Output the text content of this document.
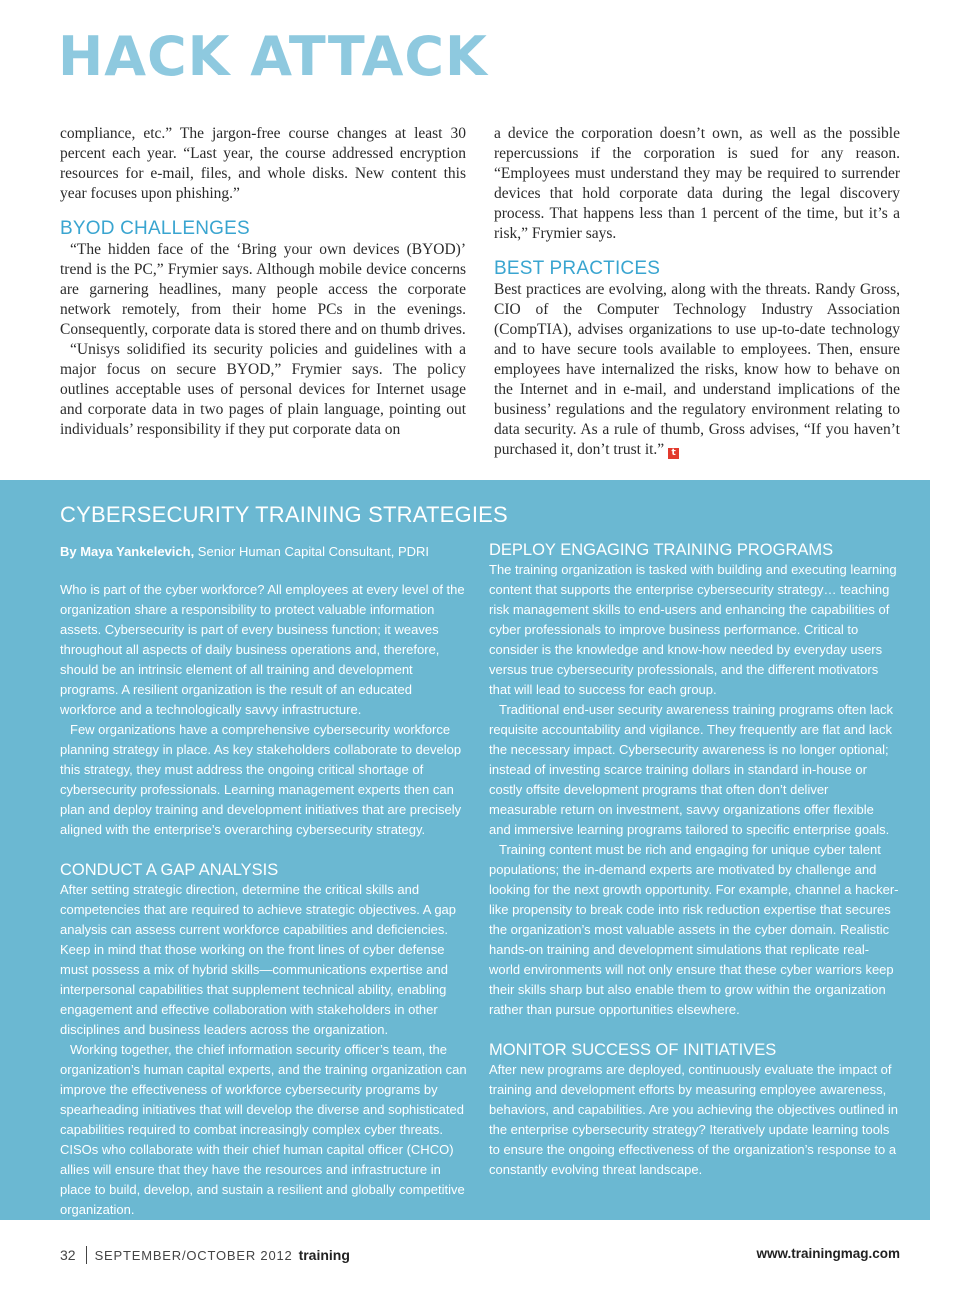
HACK ATTACK

compliance, etc.” The jargon-free course changes at least 30 percent each year. “Last year, the course addressed encryption resources for e-mail, files, and whole disks. New content this year focuses upon phishing.”

BYOD CHALLENGES

“The hidden face of the ‘Bring your own devices (BYOD)’ trend is the PC,” Frymier says. Although mobile device concerns are garnering headlines, many people access the corporate network remotely, from their home PCs in the evenings. Consequently, corporate data is stored there and on thumb drives.

“Unisys solidified its security policies and guidelines with a major focus on secure BYOD,” Frymier says. The policy outlines acceptable uses of personal devices for Internet usage and corporate data in two pages of plain language, pointing out individuals’ responsibility if they put corporate data on

a device the corporation doesn’t own, as well as the possible repercussions if the corporation is sued for any reason. “Employees must understand they may be required to surrender devices that hold corporate data during the legal discovery process. That happens less than 1 percent of the time, but it’s a risk,” Frymier says.

BEST PRACTICES

Best practices are evolving, along with the threats. Randy Gross, CIO of the Computer Technology Industry Association (CompTIA), advises organizations to use up-to-date technology and to have secure tools available to employees. Then, ensure employees have internalized the risks, know how to behave on the Internet and in e-mail, and understand implications of the business’ regulations and the regulatory environment relating to data security. As a rule of thumb, Gross advises, “If you haven’t purchased it, don’t trust it.” t

CYBERSECURITY TRAINING STRATEGIES

By Maya Yankelevich, Senior Human Capital Consultant, PDRI

Who is part of the cyber workforce? All employees at every level of the organization share a responsibility to protect valuable information assets. Cybersecurity is part of every business function; it weaves throughout all aspects of daily business operations and, therefore, should be an intrinsic element of all training and development programs. A resilient organization is the result of an educated workforce and a technologically savvy infrastructure.

Few organizations have a comprehensive cybersecurity workforce planning strategy in place. As key stakeholders collaborate to develop this strategy, they must address the ongoing critical shortage of cybersecurity professionals. Learning management experts then can plan and deploy training and development initiatives that are precisely aligned with the enterprise’s overarching cybersecurity strategy.

CONDUCT A GAP ANALYSIS

After setting strategic direction, determine the critical skills and competencies that are required to achieve strategic objectives. A gap analysis can assess current workforce capabilities and deficiencies. Keep in mind that those working on the front lines of cyber defense must possess a mix of hybrid skills—communications expertise and interpersonal capabilities that supplement technical ability, enabling engagement and effective collaboration with stakeholders in other disciplines and business leaders across the organization.

Working together, the chief information security officer’s team, the organization’s human capital experts, and the training organization can improve the effectiveness of workforce cybersecurity programs by spearheading initiatives that will develop the diverse and sophisticated capabilities required to combat increasingly complex cyber threats. CISOs who collaborate with their chief human capital officer (CHCO) allies will ensure that they have the resources and infrastructure in place to build, develop, and sustain a resilient and globally competitive organization.

DEPLOY ENGAGING TRAINING PROGRAMS

The training organization is tasked with building and executing learning content that supports the enterprise cybersecurity strategy… teaching risk management skills to end-users and enhancing the capabilities of cyber professionals to improve business performance. Critical to consider is the knowledge and know-how needed by everyday users versus true cybersecurity professionals, and the different motivators that will lead to success for each group.

Traditional end-user security awareness training programs often lack requisite accountability and vigilance. They frequently are flat and lack the necessary impact. Cybersecurity awareness is no longer optional; instead of investing scarce training dollars in standard in-house or costly offsite development programs that often don’t deliver measurable return on investment, savvy organizations offer flexible and immersive learning programs tailored to specific enterprise goals.

Training content must be rich and engaging for unique cyber talent populations; the in-demand experts are motivated by challenge and looking for the next growth opportunity. For example, channel a hacker-like propensity to break code into risk reduction expertise that secures the organization’s most valuable assets in the cyber domain. Realistic hands-on training and development simulations that replicate real-world environments will not only ensure that these cyber warriors keep their skills sharp but also enable them to grow within the organization rather than pursue opportunities elsewhere.

MONITOR SUCCESS OF INITIATIVES

After new programs are deployed, continuously evaluate the impact of training and development efforts by measuring employee awareness, behaviors, and capabilities. Are you achieving the objectives outlined in the enterprise cybersecurity strategy? Iteratively update learning tools to ensure the ongoing effectiveness of the organization’s response to a constantly evolving threat landscape.

32 SEPTEMBER/OCTOBER 2012 training	www.trainingmag.com
